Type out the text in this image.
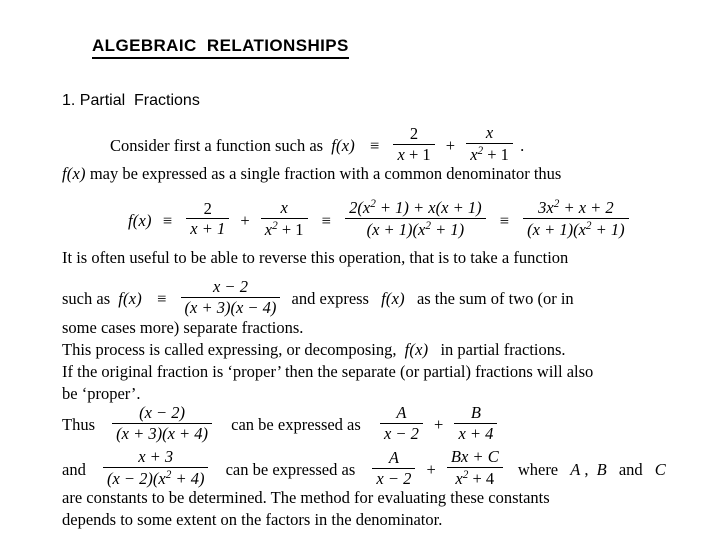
ALGEBRAIC  RELATIONSHIPS
1. Partial  Fractions
Consider first a function such as $f(x) \equiv \frac{2}{x + 1} + \frac{x}{x^2 + 1}$ .
f(x) may be expressed as a single fraction with a common denominator thus
$f(x) \equiv \frac{2}{x + 1} + \frac{x}{x^2 + 1} \equiv \frac{2(x^2 + 1) + x(x + 1)}{(x + 1)(x^2 + 1)} \equiv \frac{3x^2 + x + 2}{(x + 1)(x^2 + 1)}$
It is often useful to be able to reverse this operation, that is to take a function
such as $f(x) \equiv \frac{x - 2}{(x + 3)(x - 4)}$ and express f(x) as the sum of two (or in
some cases more) separate fractions.
This process is called expressing, or decomposing, f(x) in partial fractions.
If the original fraction is ‘proper’ then the separate (or partial) fractions will also
be ‘proper’.
Thus $\frac{(x - 2)}{(x + 3)(x + 4)}$ can be expressed as $\frac{A}{x - 2} + \frac{B}{x + 4}$
and $\frac{x + 3}{(x - 2)(x^2 + 4)}$ can be expressed as $\frac{A}{x - 2} + \frac{Bx + C}{x^2 + 4}$ where A , B and C
are constants to be determined. The method for evaluating these constants
depends to some extent on the factors in the denominator.
